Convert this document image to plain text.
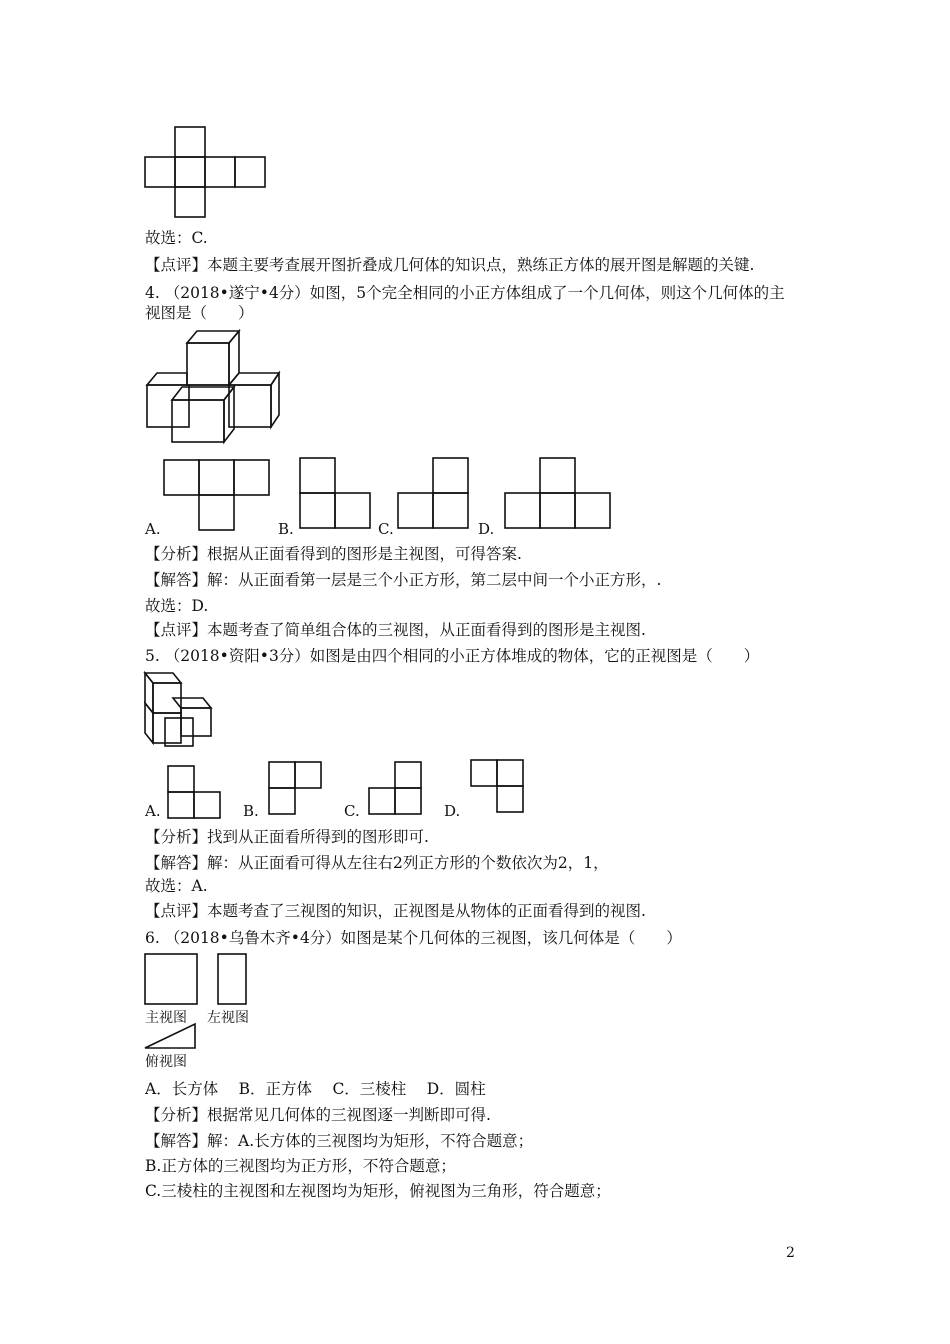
故选：C.
【点评】本题主要考查展开图折叠成几何体的知识点，熟练正方体的展开图是解题的关键.
4. （2018•遂宁•4分）如图，5个完全相同的小正方体组成了一个几何体，则这个几何体的主
视图是（　　）
A.	B.	C.	D.
【分析】根据从正面看得到的图形是主视图，可得答案.
【解答】解：从正面看第一层是三个小正方形，第二层中间一个小正方形，.
故选：D.
【点评】本题考查了简单组合体的三视图，从正面看得到的图形是主视图.
5. （2018•资阳•3分）如图是由四个相同的小正方体堆成的物体，它的正视图是（　　）
A.	B.	C.	D.
【分析】找到从正面看所得到的图形即可.
【解答】解：从正面看可得从左往右2列正方形的个数依次为2，1，
故选：A.
【点评】本题考查了三视图的知识，正视图是从物体的正面看得到的视图.
6. （2018•乌鲁木齐•4分）如图是某个几何体的三视图，该几何体是（　　）
主视图 左视图
俯视图
A．长方体　 B．正方体　 C．三棱柱　 D．圆柱
【分析】根据常见几何体的三视图逐一判断即可得.
【解答】解：A.长方体的三视图均为矩形，不符合题意；
B.正方体的三视图均为正方形，不符合题意；
C.三棱柱的主视图和左视图均为矩形，俯视图为三角形，符合题意；
2
